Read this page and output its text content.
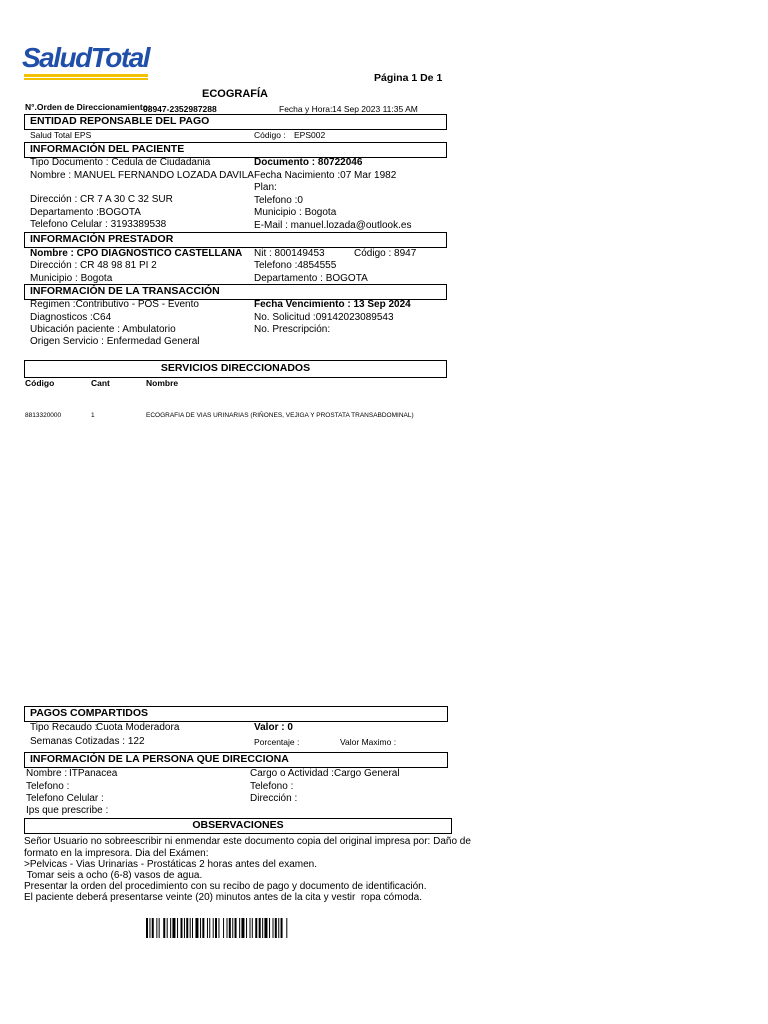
SaludTotal
Página 1 De 1
ECOGRAFÍA
N°.Orden de Direccionamiento:
08947-2352987288	Fecha y Hora: 14 Sep 2023 11:35 AM
ENTIDAD REPONSABLE DEL PAGO
Salud Total EPS	Código : EPS002
INFORMACIÓN DEL PACIENTE
Tipo Documento : Cedula de Ciudadania	Documento : 80722046
Nombre : MANUEL FERNANDO LOZADA DAVILA Fecha Nacimiento :07 Mar 1982
Plan:
Dirección : CR 7 A 30 C 32 SUR	Telefono :0
Departamento :BOGOTA	Municipio : Bogota
Telefono Celular : 3193389538	E-Mail : manuel.lozada@outlook.es
INFORMACIÓN PRESTADOR
Nombre : CPO DIAGNOSTICO CASTELLANA Nit : 800149453	Código : 8947
Dirección : CR 48 98 81 PI 2	Telefono :4854555
Municipio : Bogota	Departamento : BOGOTA
INFORMACIÓN DE LA TRANSACCIÓN
Regimen :Contributivo - POS - Evento	Fecha Vencimiento : 13 Sep 2024
Diagnosticos :C64	No. Solicitud :09142023089543
Ubicación paciente : Ambulatorio	No. Prescripción:
Origen Servicio : Enfermedad General
SERVICIOS DIRECCIONADOS
Código	Cant	Nombre
8813320000	1	ECOGRAFIA DE VIAS URINARIAS (RIÑONES, VEJIGA Y PROSTATA TRANSABDOMINAL)
PAGOS COMPARTIDOS
Tipo Recaudo :
Cuota Moderadora	Valor : 0
Semanas Cotizadas : 122	Porcentaje :	Valor Maximo :
INFORMACIÓN DE LA PERSONA QUE DIRECCIONA
Nombre : ITPanacea	Cargo o Actividad : Cargo General
Telefono :	Telefono :
Telefono Celular :	Dirección :
Ips que prescribe :
OBSERVACIONES
Señor Usuario no sobreescribir ni enmendar este documento copia del original impresa por: Daño de
formato en la impresora. Dia del Exámen:
>Pelvicas - Vias Urinarias - Prostáticas 2 horas antes del examen.
Tomar seis a ocho (6-8) vasos de agua.
Presentar la orden del procedimiento con su recibo de pago y documento de identificación.
El paciente deberá presentarse veinte (20) minutos antes de la cita y vestir  ropa cómoda.
